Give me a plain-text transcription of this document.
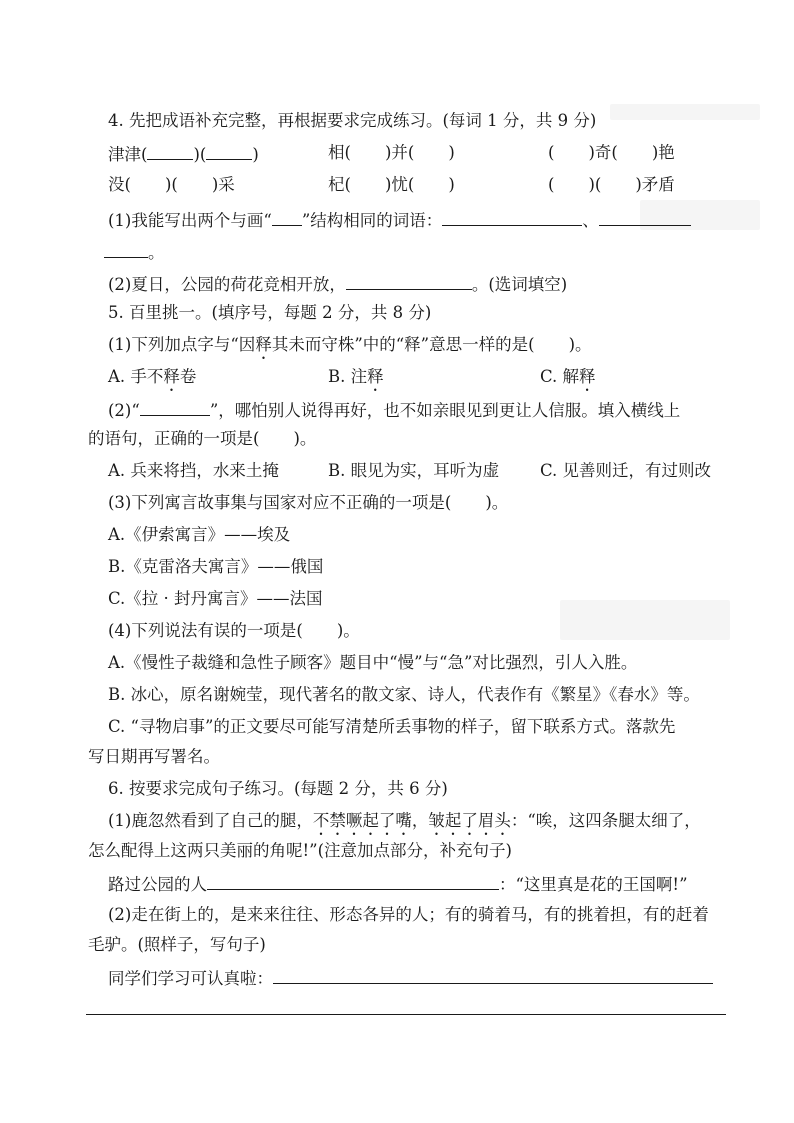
4. 先把成语补充完整，再根据要求完成练习。(每词 1 分，共 9 分)
津津(	)(	)	相( )并( )	( )奇( )艳
没( )( )采	杞( )忧( )	( )( )矛盾
(1)我能写出两个与画“ ”结构相同的词语：	、
。
(2)夏日，公园的荷花竞相开放，	。(选词填空)
5. 百里挑一。(填序号，每题 2 分，共 8 分)
(1)下列加点字与“因释其未而守株”中的“释”意思一样的是( )。
A. 手不释卷	B. 注释	C. 解释
(2)“	”，哪怕别人说得再好，也不如亲眼见到更让人信服。填入横线上
的语句，正确的一项是( )。
A. 兵来将挡，水来土掩	B. 眼见为实，耳听为虚 C. 见善则迁，有过则改
(3)下列寓言故事集与国家对应不正确的一项是( )。
A.《伊索寓言》——埃及
B.《克雷洛夫寓言》——俄国
C.《拉 · 封丹寓言》——法国
(4)下列说法有误的一项是( )。
A.《慢性子裁缝和急性子顾客》题目中“慢”与“急”对比强烈，引人入胜。
B. 冰心，原名谢婉莹，现代著名的散文家、诗人，代表作有《繁星》《春水》等。
C. “寻物启事”的正文要尽可能写清楚所丢事物的样子，留下联系方式。落款先
写日期再写署名。
6. 按要求完成句子练习。(每题 2 分，共 6 分)
(1)鹿忽然看到了自己的腿，不禁噘起了嘴，皱起了眉头：“唉，这四条腿太细了，
怎么配得上这两只美丽的角呢!”(注意加点部分，补充句子)
路过公园的人	：“这里真是花的王国啊!”
(2)走在街上的，是来来往往、形态各异的人；有的骑着马，有的挑着担，有的赶着
毛驴。(照样子，写句子)
同学们学习可认真啦：
